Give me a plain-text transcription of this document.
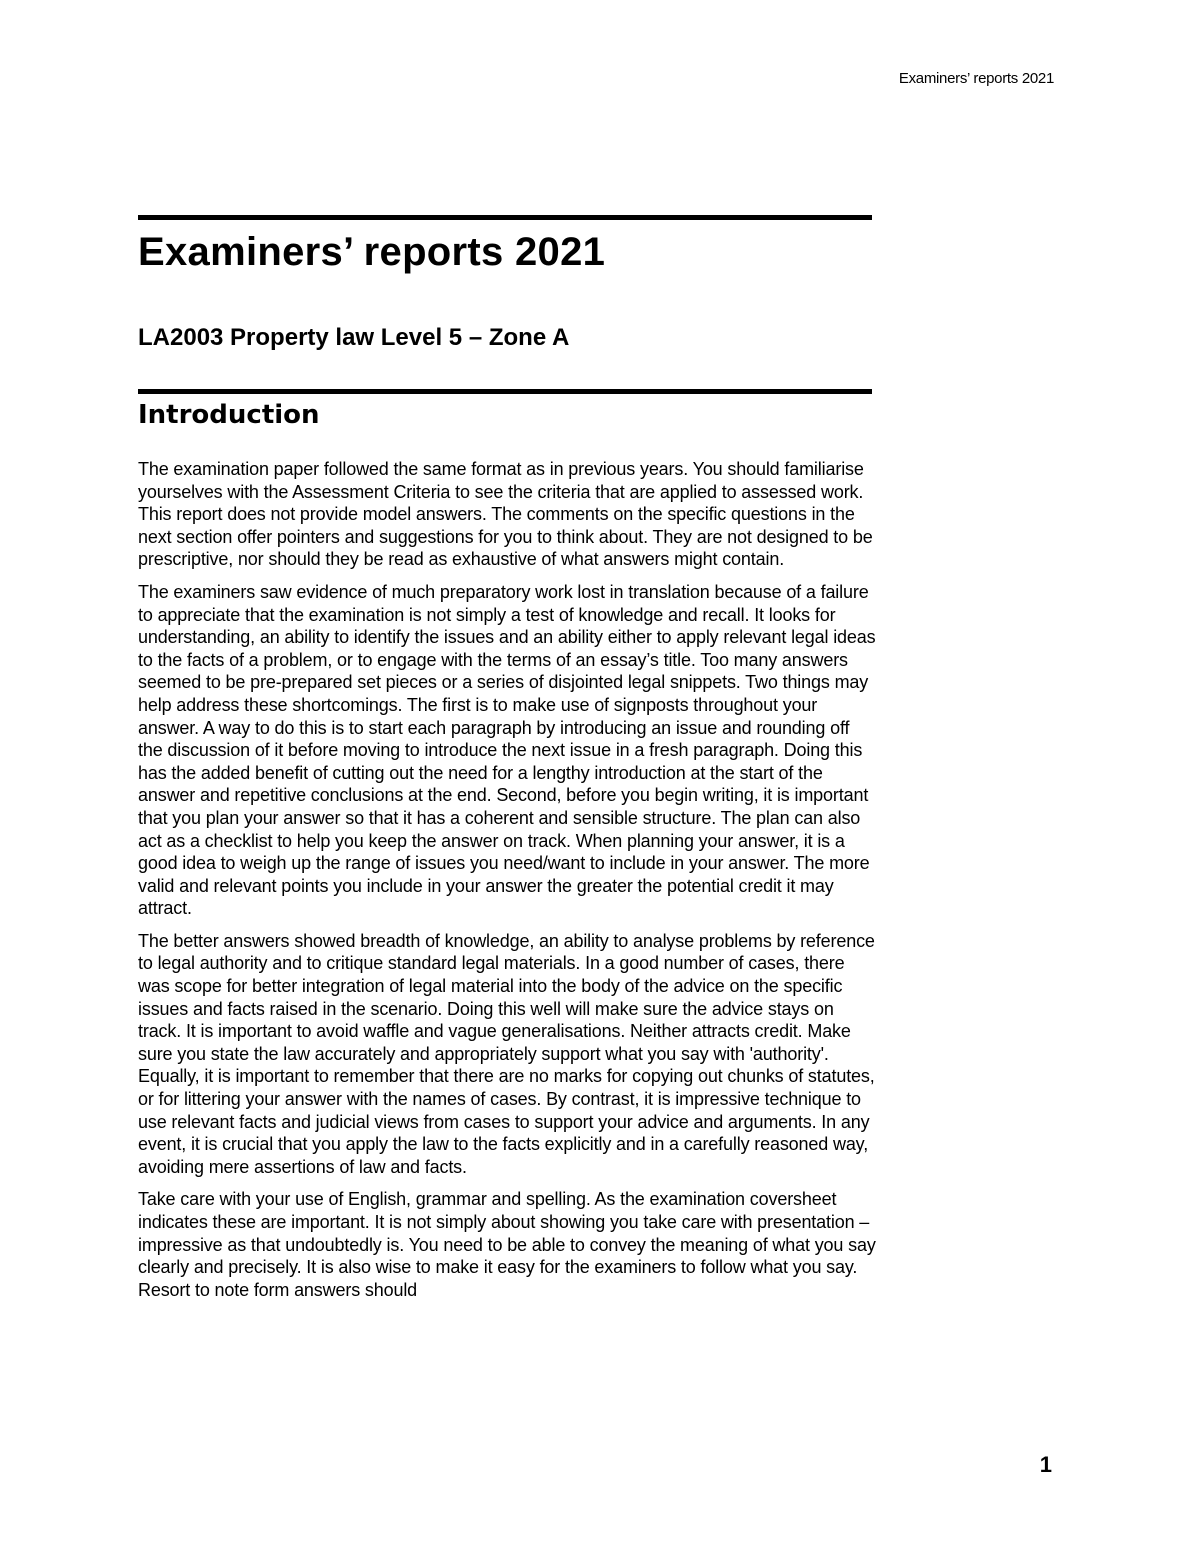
Examiners’ reports 2021
Examiners’ reports 2021
LA2003 Property law Level 5 – Zone A
Introduction

The examination paper followed the same format as in previous years. You should familiarise yourselves with the Assessment Criteria to see the criteria that are applied to assessed work. This report does not provide model answers. The comments on the specific questions in the next section offer pointers and suggestions for you to think about. They are not designed to be prescriptive, nor should they be read as exhaustive of what answers might contain.

The examiners saw evidence of much preparatory work lost in translation because of a failure to appreciate that the examination is not simply a test of knowledge and recall. It looks for understanding, an ability to identify the issues and an ability either to apply relevant legal ideas to the facts of a problem, or to engage with the terms of an essay’s title. Too many answers seemed to be pre-prepared set pieces or a series of disjointed legal snippets. Two things may help address these shortcomings. The first is to make use of signposts throughout your answer. A way to do this is to start each paragraph by introducing an issue and rounding off the discussion of it before moving to introduce the next issue in a fresh paragraph. Doing this has the added benefit of cutting out the need for a lengthy introduction at the start of the answer and repetitive conclusions at the end. Second, before you begin writing, it is important that you plan your answer so that it has a coherent and sensible structure. The plan can also act as a checklist to help you keep the answer on track. When planning your answer, it is a good idea to weigh up the range of issues you need/want to include in your answer. The more valid and relevant points you include in your answer the greater the potential credit it may attract.

The better answers showed breadth of knowledge, an ability to analyse problems by reference to legal authority and to critique standard legal materials. In a good number of cases, there was scope for better integration of legal material into the body of the advice on the specific issues and facts raised in the scenario. Doing this well will make sure the advice stays on track. It is important to avoid waffle and vague generalisations. Neither attracts credit. Make sure you state the law accurately and appropriately support what you say with 'authority'. Equally, it is important to remember that there are no marks for copying out chunks of statutes, or for littering your answer with the names of cases. By contrast, it is impressive technique to use relevant facts and judicial views from cases to support your advice and arguments. In any event, it is crucial that you apply the law to the facts explicitly and in a carefully reasoned way, avoiding mere assertions of law and facts.

Take care with your use of English, grammar and spelling. As the examination coversheet indicates these are important. It is not simply about showing you take care with presentation – impressive as that undoubtedly is. You need to be able to convey the meaning of what you say clearly and precisely. It is also wise to make it easy for the examiners to follow what you say. Resort to note form answers should

1
